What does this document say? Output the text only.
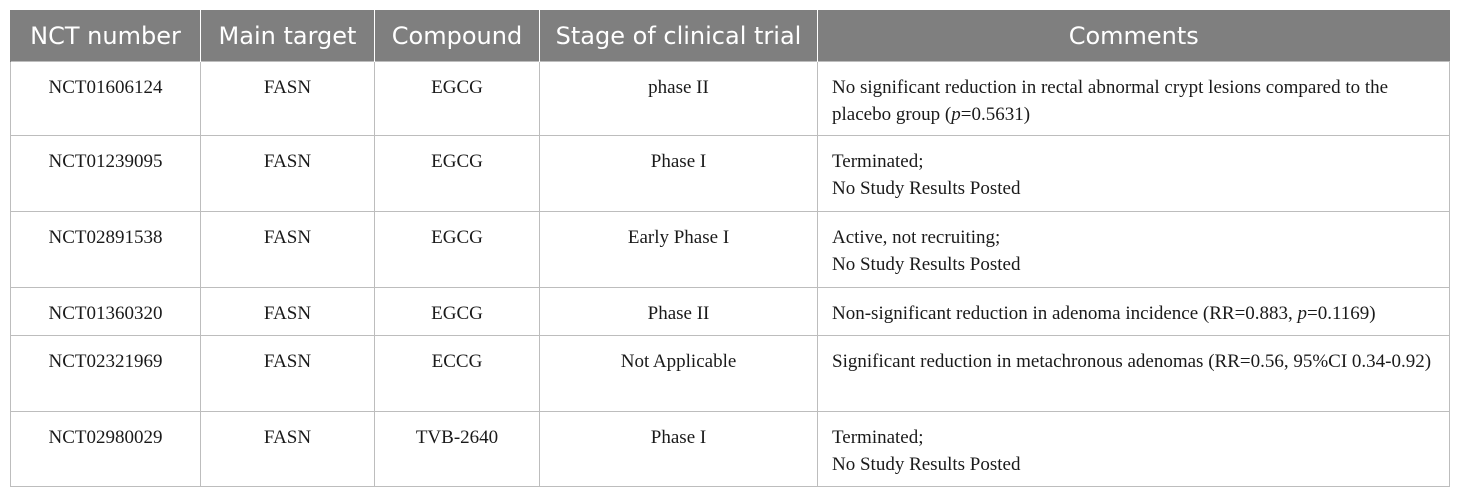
NCT number	Main target	Compound	Stage of clinical trial	Comments
NCT01606124	FASN	EGCG	phase II	No significant reduction in rectal abnormal crypt lesions compared to the placebo group (p=0.5631)
NCT01239095	FASN	EGCG	Phase I	Terminated;
No Study Results Posted

NCT02891538	FASN	EGCG	Early Phase I	Active, not recruiting;
No Study Results Posted

NCT01360320	FASN	EGCG	Phase II	Non-significant reduction in adenoma incidence (RR=0.883, p=0.1169)
NCT02321969	FASN	ECCG	Not Applicable	Significant reduction in metachronous adenomas (RR=0.56, 95%CI 0.34-0.92)
NCT02980029	FASN	TVB-2640	Phase I	Terminated;
No Study Results Posted
